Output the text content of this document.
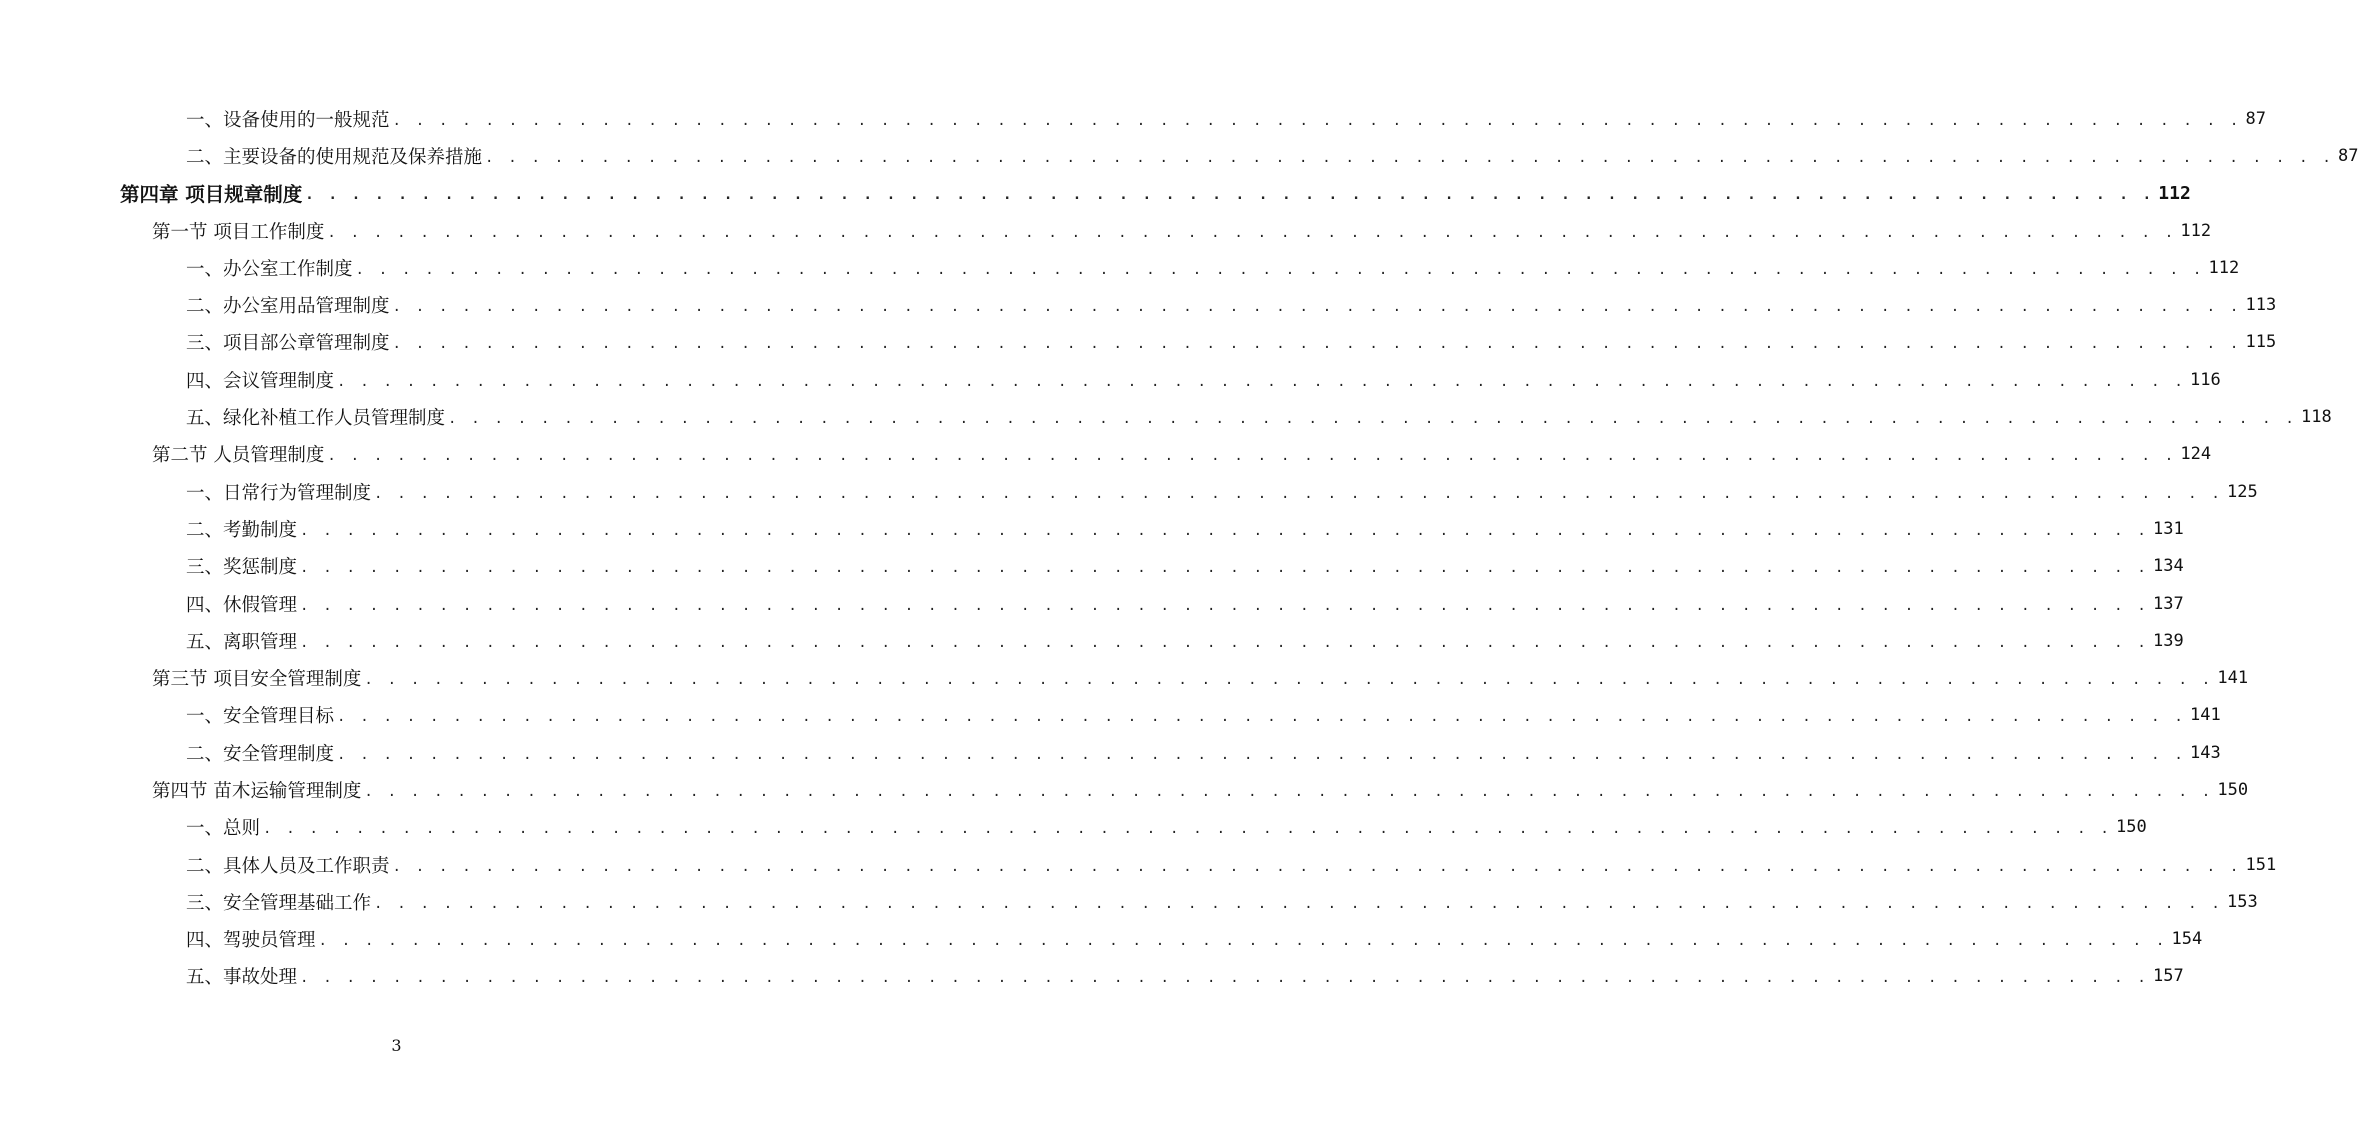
一、设备使用的一般规范 . . . . . . . . . . . . . . . . . . . . . . . . . . . . . . . . . . . . . . . . . . . . . . . . . . . . . . . . . . . . . . . . . . . . . . . . . . . . . . . . 87
二、主要设备的使用规范及保养措施 . . . . . . . . . . . . . . . . . . . . . . . . . . . . . . . . . . . . . . . . . . . . . . . . . . . . . . . . . . . . . . . . . . . . . . . . . . . . . . . . 87
第四章 项目规章制度 . . . . . . . . . . . . . . . . . . . . . . . . . . . . . . . . . . . . . . . . . . . . . . . . . . . . . . . . . . . . . . . . . . . . . . . . . . . . . . . . 112
第一节 项目工作制度 . . . . . . . . . . . . . . . . . . . . . . . . . . . . . . . . . . . . . . . . . . . . . . . . . . . . . . . . . . . . . . . . . . . . . . . . . . . . . . . . 112
一、办公室工作制度 . . . . . . . . . . . . . . . . . . . . . . . . . . . . . . . . . . . . . . . . . . . . . . . . . . . . . . . . . . . . . . . . . . . . . . . . . . . . . . . . 112
二、办公室用品管理制度 . . . . . . . . . . . . . . . . . . . . . . . . . . . . . . . . . . . . . . . . . . . . . . . . . . . . . . . . . . . . . . . . . . . . . . . . . . . . . . . . 113
三、项目部公章管理制度 . . . . . . . . . . . . . . . . . . . . . . . . . . . . . . . . . . . . . . . . . . . . . . . . . . . . . . . . . . . . . . . . . . . . . . . . . . . . . . . . 115
四、会议管理制度 . . . . . . . . . . . . . . . . . . . . . . . . . . . . . . . . . . . . . . . . . . . . . . . . . . . . . . . . . . . . . . . . . . . . . . . . . . . . . . . . 116
五、绿化补植工作人员管理制度 . . . . . . . . . . . . . . . . . . . . . . . . . . . . . . . . . . . . . . . . . . . . . . . . . . . . . . . . . . . . . . . . . . . . . . . . . . . . . . . . 118
第二节 人员管理制度 . . . . . . . . . . . . . . . . . . . . . . . . . . . . . . . . . . . . . . . . . . . . . . . . . . . . . . . . . . . . . . . . . . . . . . . . . . . . . . . . 124
一、日常行为管理制度 . . . . . . . . . . . . . . . . . . . . . . . . . . . . . . . . . . . . . . . . . . . . . . . . . . . . . . . . . . . . . . . . . . . . . . . . . . . . . . . . 125
二、考勤制度 . . . . . . . . . . . . . . . . . . . . . . . . . . . . . . . . . . . . . . . . . . . . . . . . . . . . . . . . . . . . . . . . . . . . . . . . . . . . . . . . 131
三、奖惩制度 . . . . . . . . . . . . . . . . . . . . . . . . . . . . . . . . . . . . . . . . . . . . . . . . . . . . . . . . . . . . . . . . . . . . . . . . . . . . . . . . 134
四、休假管理 . . . . . . . . . . . . . . . . . . . . . . . . . . . . . . . . . . . . . . . . . . . . . . . . . . . . . . . . . . . . . . . . . . . . . . . . . . . . . . . . 137
五、离职管理 . . . . . . . . . . . . . . . . . . . . . . . . . . . . . . . . . . . . . . . . . . . . . . . . . . . . . . . . . . . . . . . . . . . . . . . . . . . . . . . . 139
第三节 项目安全管理制度 . . . . . . . . . . . . . . . . . . . . . . . . . . . . . . . . . . . . . . . . . . . . . . . . . . . . . . . . . . . . . . . . . . . . . . . . . . . . . . . . 141
一、安全管理目标 . . . . . . . . . . . . . . . . . . . . . . . . . . . . . . . . . . . . . . . . . . . . . . . . . . . . . . . . . . . . . . . . . . . . . . . . . . . . . . . . 141
二、安全管理制度 . . . . . . . . . . . . . . . . . . . . . . . . . . . . . . . . . . . . . . . . . . . . . . . . . . . . . . . . . . . . . . . . . . . . . . . . . . . . . . . . 143
第四节 苗木运输管理制度 . . . . . . . . . . . . . . . . . . . . . . . . . . . . . . . . . . . . . . . . . . . . . . . . . . . . . . . . . . . . . . . . . . . . . . . . . . . . . . . . 150
一、总则 . . . . . . . . . . . . . . . . . . . . . . . . . . . . . . . . . . . . . . . . . . . . . . . . . . . . . . . . . . . . . . . . . . . . . . . . . . . . . . . . 150
二、具体人员及工作职责 . . . . . . . . . . . . . . . . . . . . . . . . . . . . . . . . . . . . . . . . . . . . . . . . . . . . . . . . . . . . . . . . . . . . . . . . . . . . . . . . 151
三、安全管理基础工作 . . . . . . . . . . . . . . . . . . . . . . . . . . . . . . . . . . . . . . . . . . . . . . . . . . . . . . . . . . . . . . . . . . . . . . . . . . . . . . . . 153
四、驾驶员管理 . . . . . . . . . . . . . . . . . . . . . . . . . . . . . . . . . . . . . . . . . . . . . . . . . . . . . . . . . . . . . . . . . . . . . . . . . . . . . . . . 154
五、事故处理 . . . . . . . . . . . . . . . . . . . . . . . . . . . . . . . . . . . . . . . . . . . . . . . . . . . . . . . . . . . . . . . . . . . . . . . . . . . . . . . . 157
3
